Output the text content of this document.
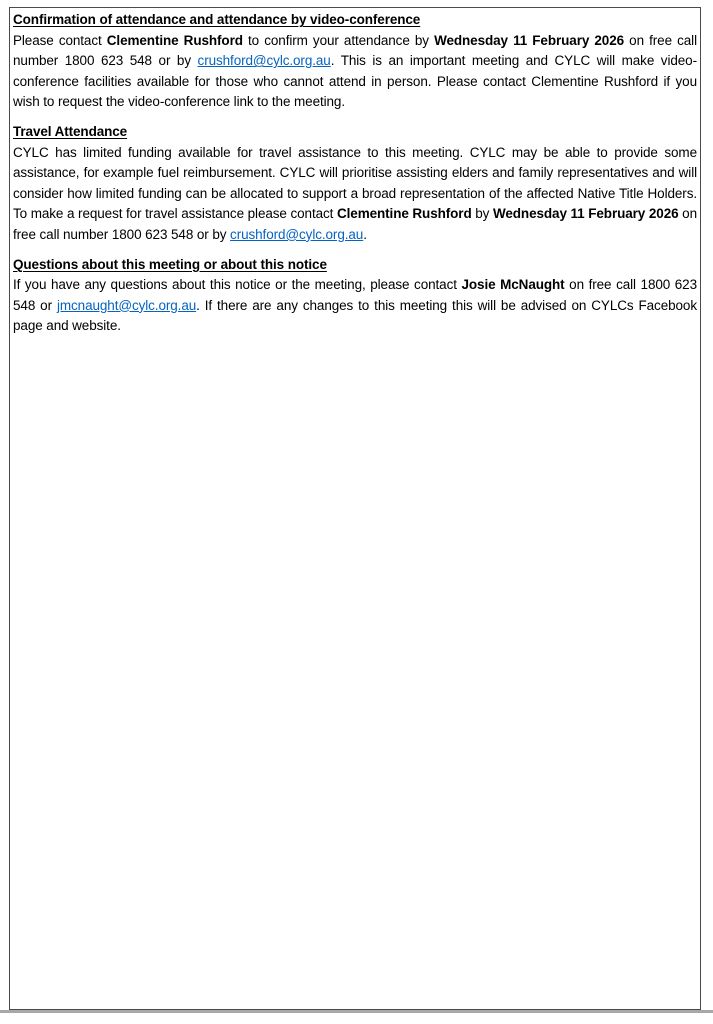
Confirmation of attendance and attendance by video-conference

Please contact Clementine Rushford to confirm your attendance by Wednesday 11 February 2026 on free call number 1800 623 548 or by crushford@cylc.org.au. This is an important meeting and CYLC will make video-conference facilities available for those who cannot attend in person. Please contact Clementine Rushford if you wish to request the video-conference link to the meeting.

Travel Attendance

CYLC has limited funding available for travel assistance to this meeting. CYLC may be able to provide some assistance, for example fuel reimbursement. CYLC will prioritise assisting elders and family representatives and will consider how limited funding can be allocated to support a broad representation of the affected Native Title Holders. To make a request for travel assistance please contact Clementine Rushford by Wednesday 11 February 2026 on free call number 1800 623 548 or by crushford@cylc.org.au.

Questions about this meeting or about this notice

If you have any questions about this notice or the meeting, please contact Josie McNaught on free call 1800 623 548 or jmcnaught@cylc.org.au. If there are any changes to this meeting this will be advised on CYLCs Facebook page and website.
